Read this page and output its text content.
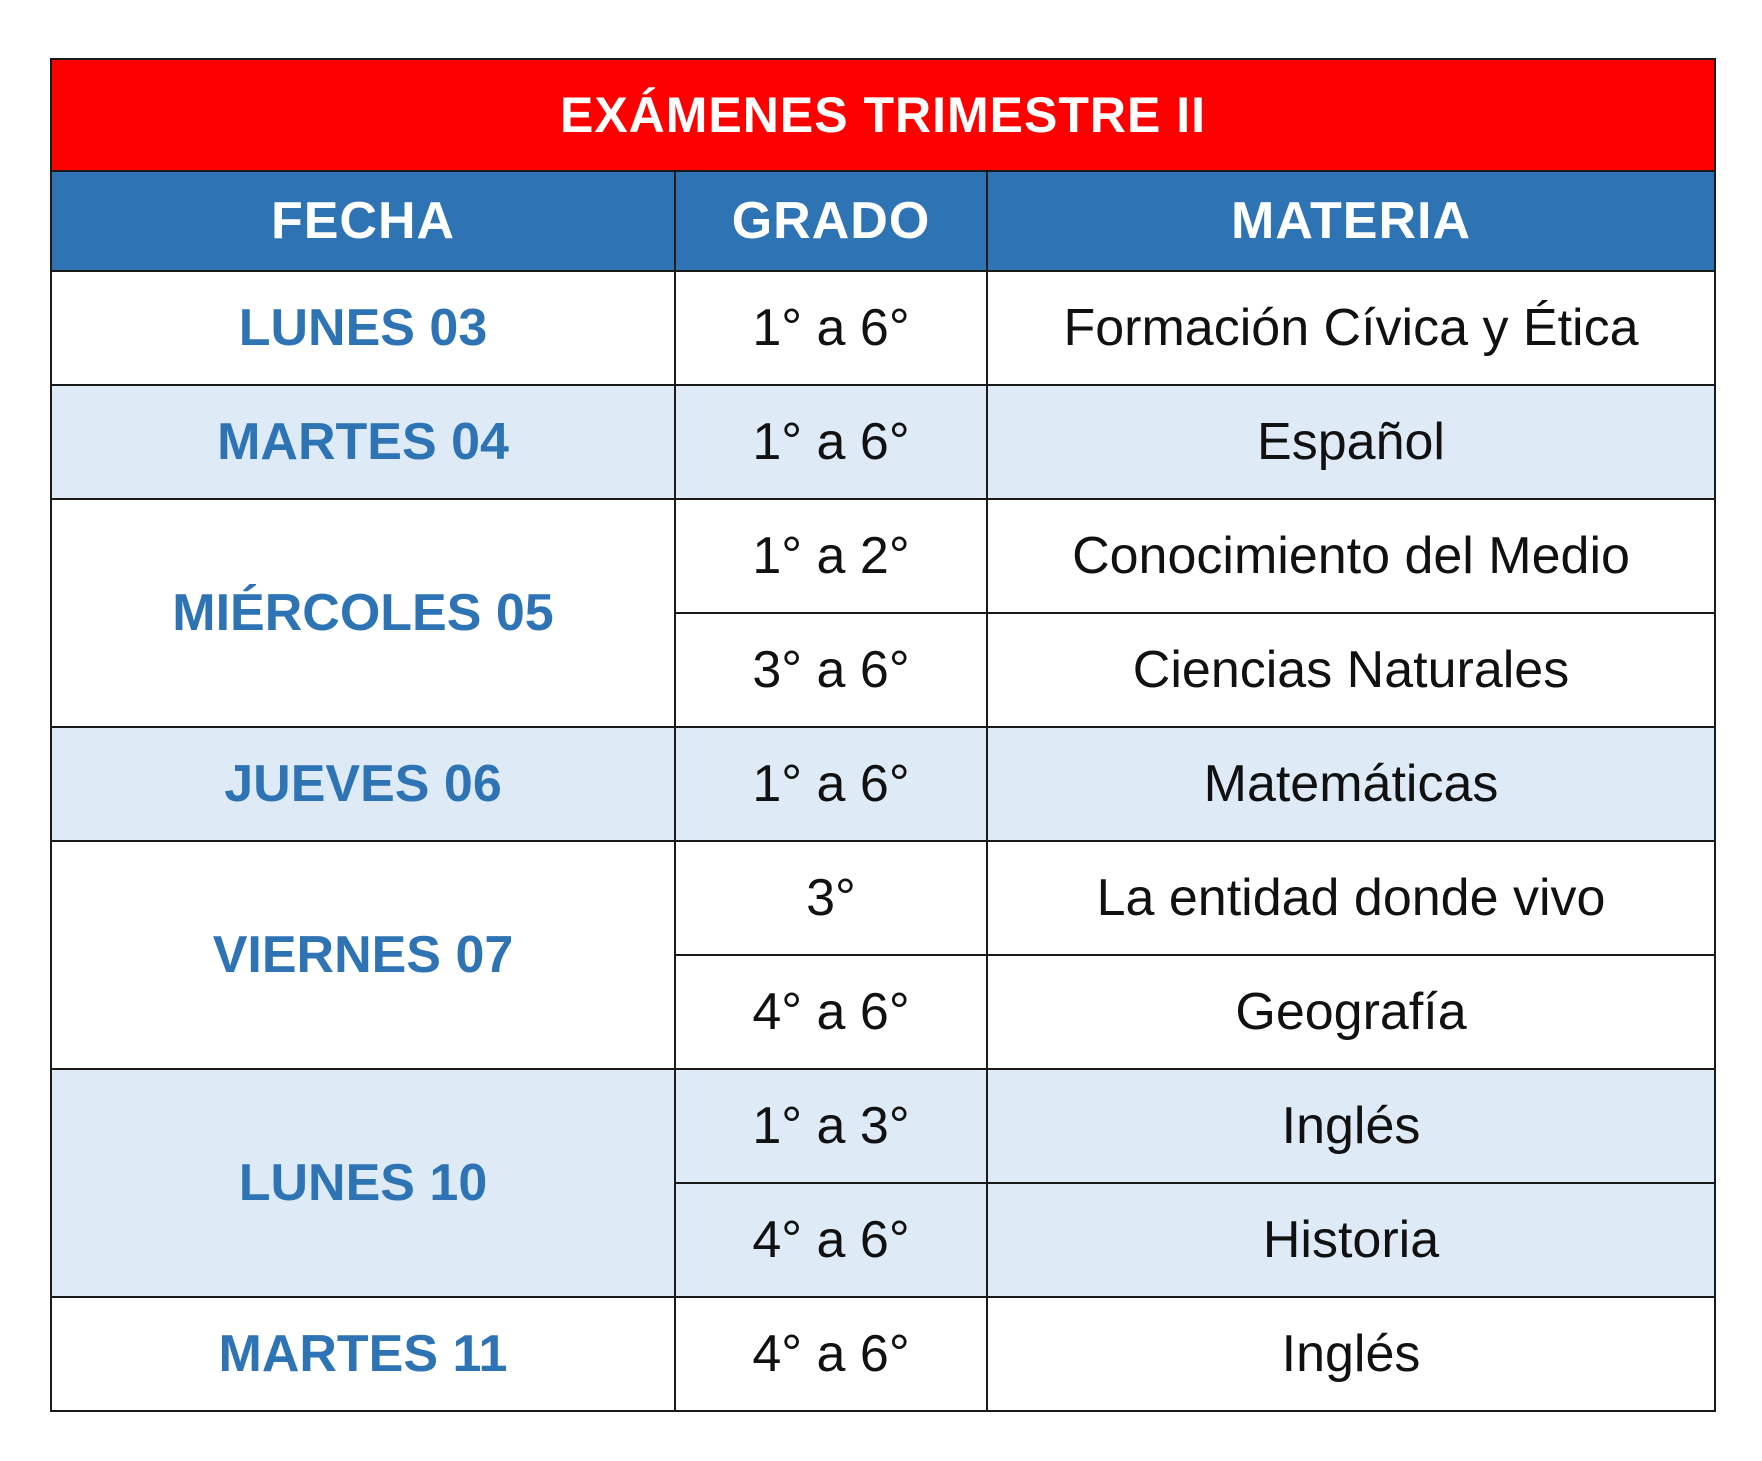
EXÁMENES TRIMESTRE II		
FECHA	GRADO	MATERIA
LUNES 03	1° a 6°	Formación Cívica y Ética
MARTES 04	1° a 6°	Español
MIÉRCOLES 05	1° a 2°	Conocimiento del Medio
	3° a 6°	Ciencias Naturales
JUEVES 06	1° a 6°	Matemáticas
VIERNES 07	3°	La entidad donde vivo
	4° a 6°	Geografía
LUNES 10	1° a 3°	Inglés
	4° a 6°	Historia
MARTES 11	4° a 6°	Inglés
